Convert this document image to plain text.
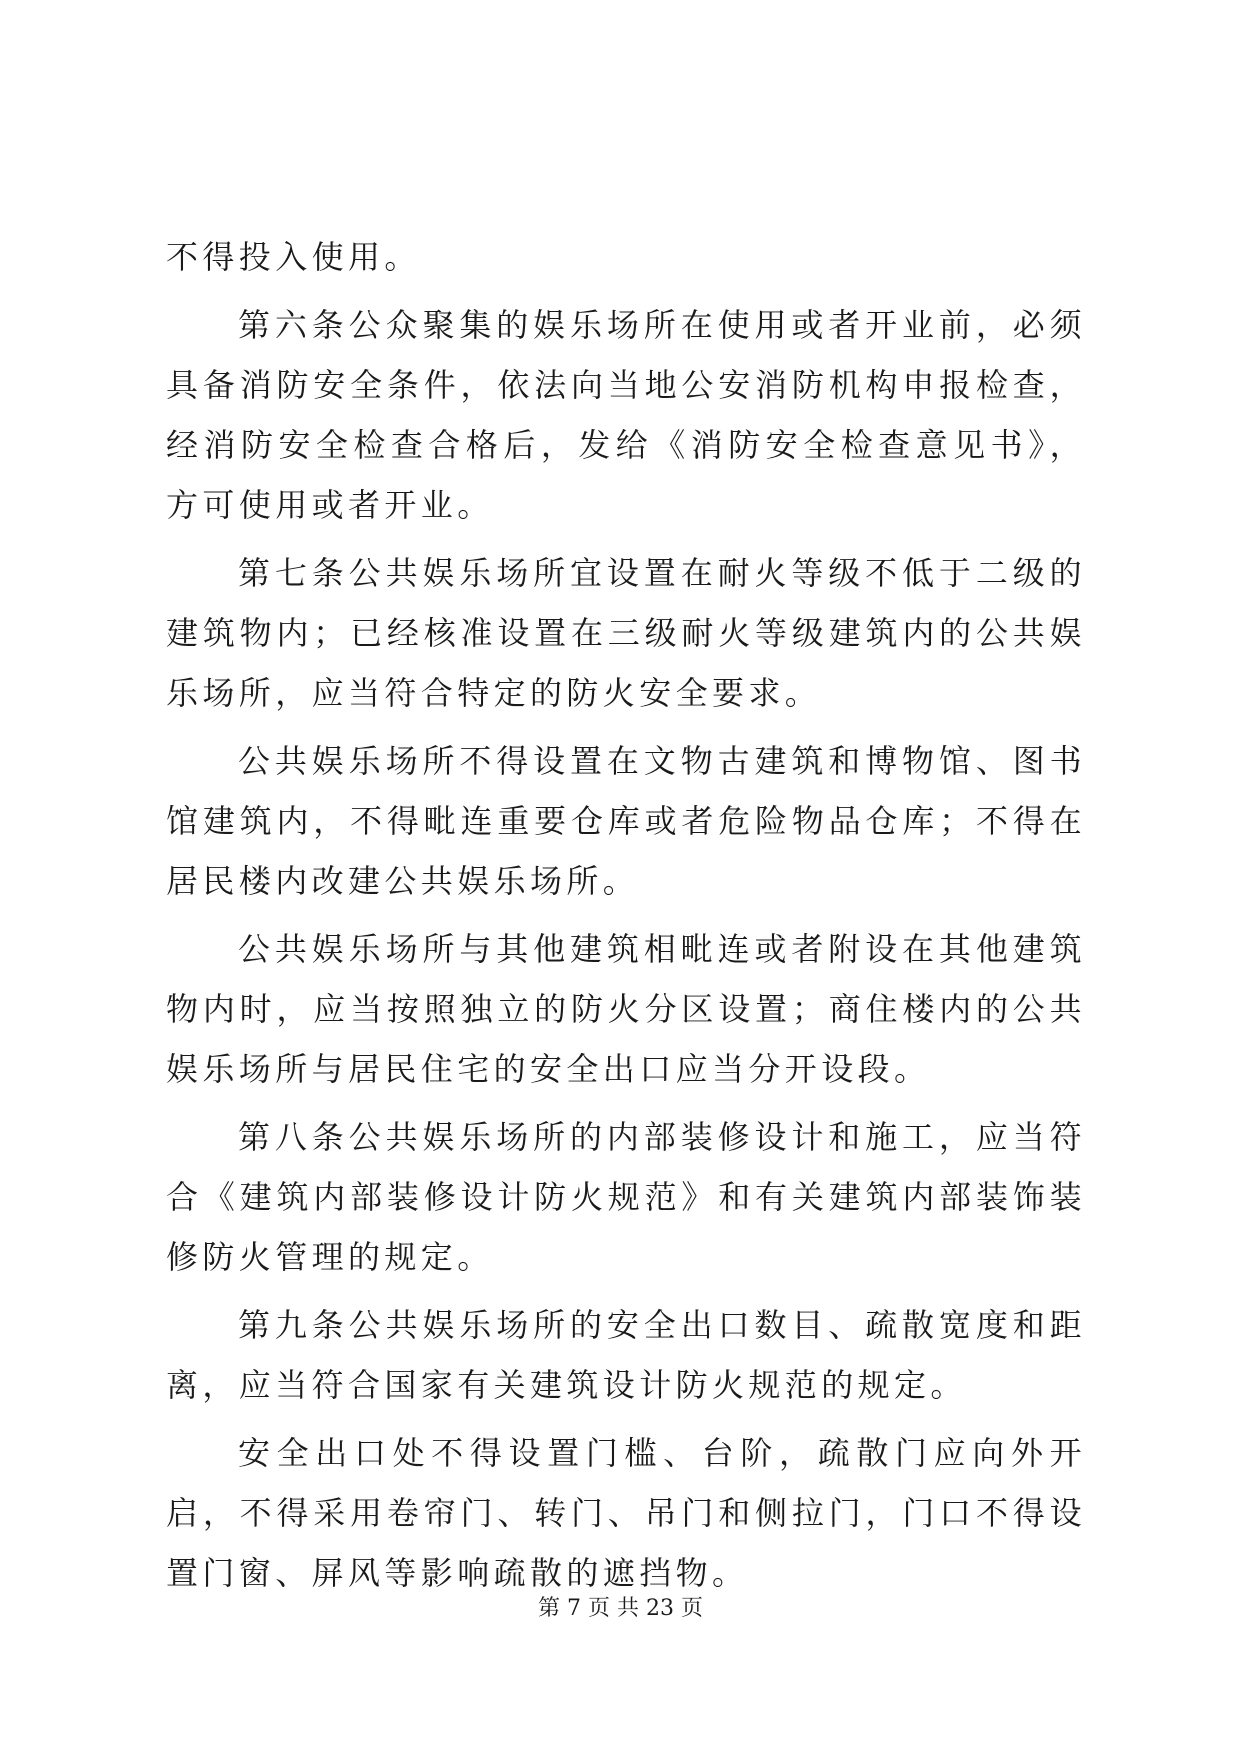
不得投入使用。

第六条公众聚集的娱乐场所在使用或者开业前，必须具备消防安全条件，依法向当地公安消防机构申报检查，经消防安全检查合格后，发给《消防安全检查意见书》，方可使用或者开业。

第七条公共娱乐场所宜设置在耐火等级不低于二级的建筑物内；已经核准设置在三级耐火等级建筑内的公共娱乐场所，应当符合特定的防火安全要求。

公共娱乐场所不得设置在文物古建筑和博物馆、图书馆建筑内，不得毗连重要仓库或者危险物品仓库；不得在居民楼内改建公共娱乐场所。

公共娱乐场所与其他建筑相毗连或者附设在其他建筑物内时，应当按照独立的防火分区设置；商住楼内的公共娱乐场所与居民住宅的安全出口应当分开设段。

第八条公共娱乐场所的内部装修设计和施工，应当符合《建筑内部装修设计防火规范》和有关建筑内部装饰装修防火管理的规定。

第九条公共娱乐场所的安全出口数目、疏散宽度和距离，应当符合国家有关建筑设计防火规范的规定。

安全出口处不得设置门槛、台阶，疏散门应向外开启，不得采用卷帘门、转门、吊门和侧拉门，门口不得设置门窗、屏风等影响疏散的遮挡物。

第 7 页 共 23 页
